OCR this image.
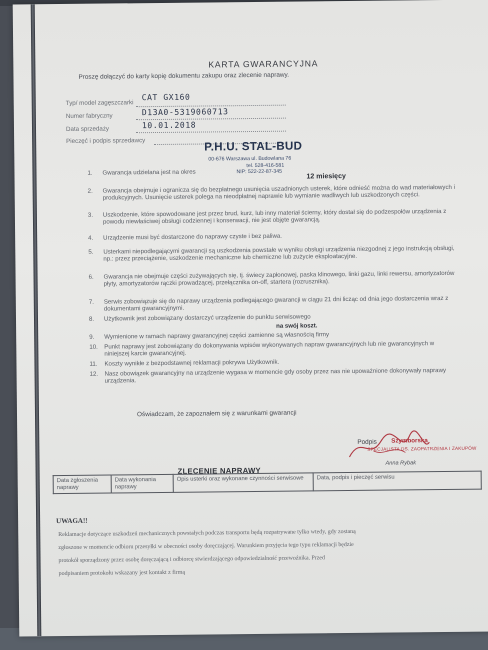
KARTA GWARANCYJNA
Proszę dołączyć do karty kopię dokumentu zakupu oraz zlecenie naprawy.
Typ/ model zagęszczarki
CAT GX160
Numer fabryczny	D13A0-5319060713
Data sprzedaży	10.01.2018
Pieczęć i podpis sprzedawcy	P.H.U. STAL-BUD
00-676 Warszawa ul. Budowlana 76
tel. 528-416-581
NIP: 522-22-87-345
1. Gwarancja udzielana jest na okres
12 miesięcy
2. Gwarancja obejmuje i ogranicza się do bezpłatnego usunięcia uszadnionych usterek, które odnieść można do wad materiałowych i produkcyjnych. Usunięcie usterek polega na nieodpłatnej naprawie lub wymianie wadliwych lub uszkodzonych części.
3. Uszkodzenie, które spowodowane jest przez brud, kurz, lub inny materiał ścierny, który dostał się do podzespołów urządzenia z powodu niewłaściwej obsługi codziennej i konserwacji, nie jest objęte gwarancją.
4. Urządzenie musi być dostarczone do naprawy czyste i bez paliwa.
5. Usterkami niepodlegającymi gwarancji są uszkodzenia powstałe w wyniku obsługi urządzenia niezgodnej z jego instrukcją obsługi, np.: przez przeciążenie, uszkodzenie mechaniczne lub chemiczne lub zużycie eksploatacyjne.
6. Gwarancja nie obejmuje części zużywających się, tj. świecy zapłonowej, paska klinowego, linki gazu, linki rewersu, amortyzatorów płyty, amortyzatorów rączki prowadzącej, przełącznika on-off, startera (rozrusznika).
7. Serwis zobowiązuje się do naprawy urządzenia podlegającego gwarancji w ciągu 21 dni licząc od dnia jego dostarczenia wraz z dokumentami gwarancyjnymi.
8. Użytkownik jest zobowiązany dostarczyć urządzenie do punktu serwisowego
na swój koszt.
9. Wymienione w ramach naprawy gwarancyjnej części zamienne są własnością firmy
10. Punkt naprawy jest zobowiązany do dokonywania wpisów wykonywanych napraw gwarancyjnych lub nie gwarancyjnych w niniejszej karcie gwarancyjnej.
11. Koszty wynikłe z bezpodstawnej reklamacji pokrywa Użytkownik.
12. Nasz obowiązek gwarancyjny na urządzenie wygasa w momencie gdy osoby przez nas nie upoważnione dokonywały naprawy urządzenia.
Oświadczam, że zapoznałem się z warunkami gwarancji
Podpis Szymborska
SPECJALISTA DS. ZAOPATRZENIA I ZAKUPÓW
Anna Rybak
ZLECENIE NAPRAWY
Data zgłoszenia naprawy	Data wykonania naprawy	Opis usterki oraz wykonane czynności serwisowe	Data, podpis i pieczęć serwisu
UWAGA!!
Reklamacje dotyczące uszkodzeń mechanicznych powstałych podczas transportu będą rozpatrywane tylko wtedy, gdy zostaną
zgłoszone w momencie odbioru przesyłki w obecności osoby doręczającej. Warunkiem przyjęcia tego typu reklamacji będzie
protokół sporządzony przez osobę doręczającą i odbiorcę stwierdzającego odpowiedzialność przewoźnika. Przed
podpisaniem protokołu wskazany jest kontakt z firmą
